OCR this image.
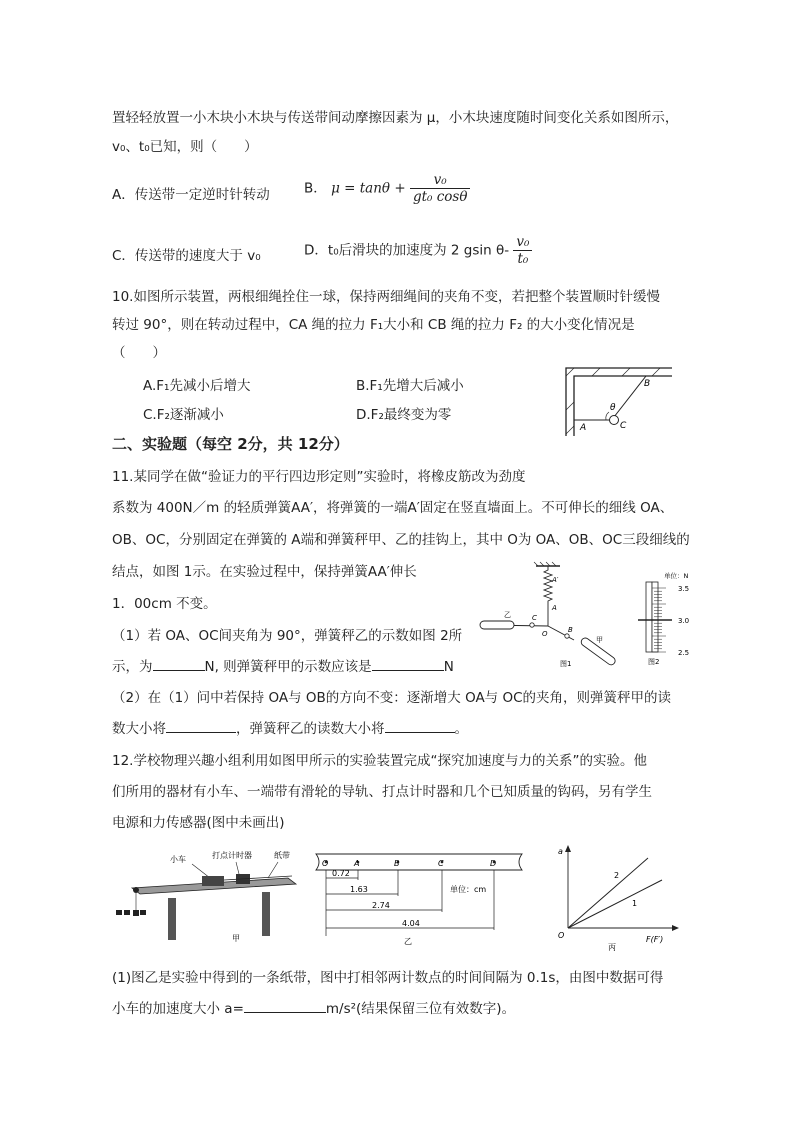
置轻轻放置一小木块小木块与传送带间动摩擦因素为 μ，小木块速度随时间变化关系如图所示，
v₀、t₀已知，则（　　）
A．传送带一定逆时针转动	B． $\mu = \tan\theta + \frac{\text{v₀}}{\text{gt₀ cosθ}}$
C．传送带的速度大于 v₀	D．t₀后滑块的加速度为 2 gsin $\theta- \frac{\text{v₀}}{\text{t₀}}$
10.如图所示装置，两根细绳拴住一球，保持两细绳间的夹角不变，若把整个装置顺时针缓慢
转过 90°，则在转动过程中，CA 绳的拉力 F₁大小和 CB 绳的拉力 F₂ 的大小变化情况是
（　　）
A.F₁先减小后增大	B.F₁先增大后减小
C.F₂逐渐减小	D.F₂最终变为零
B
A	C
θ
二、实验题（每空 2分，共 12分）
11.某同学在做“验证力的平行四边形定则”实验时，将橡皮筋改为劲度
系数为 400N／m 的轻质弹簧AA′，将弹簧的一端A′固定在竖直墙面上。不可伸长的细线 OA、
OB、OC，分别固定在弹簧的 A端和弹簧秤甲、乙的挂钩上，其中 O为 OA、OB、OC三段细线的
结点，如图 1示。在实验过程中，保持弹簧AA′伸长
1．00cm 不变。
（1）若 OA、OC间夹角为 90°，弹簧秤乙的示数如图 2所
示，为	N, 则弹簧秤甲的示数应该是	N
（2）在（1）问中若保持 OA与 OB的方向不变：逐渐增大 OA与 OC的夹角，则弹簧秤甲的读
数大小将	，弹簧秤乙的读数大小将	。
A′
A
O	B
C
乙
甲
图1
单位：N
3.5
3.0
2.5
图2
12.学校物理兴趣小组利用如图甲所示的实验装置完成“探究加速度与力的关系”的实验。他
们所用的器材有小车、一端带有滑轮的导轨、打点计时器和几个已知质量的钩码，另有学生
电源和力传感器(图中未画出)
小车	打点计时器	纸带
甲
O	A	B	C	D
0.72
1.63
2.74
4.04
单位：cm
乙
a
O	F(F′)
2
1
丙
(1)图乙是实验中得到的一条纸带，图中打相邻两计数点的时间间隔为 0.1s，由图中数据可得
小车的加速度大小 a=	m/s²(结果保留三位有效数字)。
